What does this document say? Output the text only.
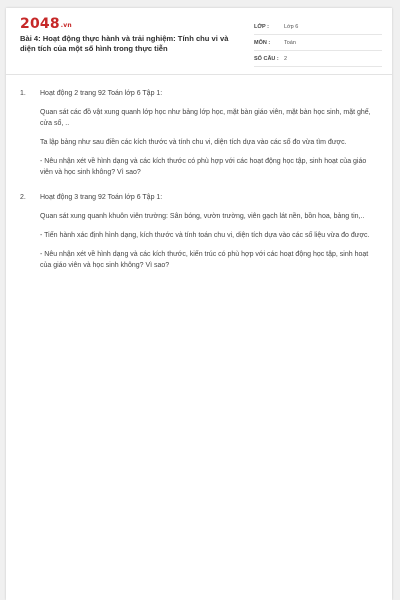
2048.vn
Bài 4: Hoạt động thực hành và trải nghiệm: Tính chu vi và diện tích của một số hình trong thực tiễn
LỚP :	Lớp 6
MÔN :	Toán
SỐ CÂU : 2
1. Hoạt động 2 trang 92 Toán lớp 6 Tập 1:
Quan sát các đồ vật xung quanh lớp học như bảng lớp học, mặt bàn giáo viên, mặt bàn học sinh, mặt ghế, cửa sổ, ..
Ta lập bảng như sau điền các kích thước và tính chu vi, diện tích dựa vào các số đo vừa tìm được.
- Nêu nhận xét về hình dạng và các kích thước có phù hợp với các hoạt động học tập, sinh hoạt của giáo viên và học sinh không? Vì sao?
2. Hoạt động 3 trang 92 Toán lớp 6 Tập 1:
Quan sát xung quanh khuôn viên trường: Sân bóng, vườn trường, viên gạch lát nền, bồn hoa, bảng tin,..
- Tiến hành xác định hình dạng, kích thước và tính toán chu vi, diện tích dựa vào các số liệu vừa đo được.
- Nêu nhận xét về hình dạng và các kích thước, kiến trúc có phù hợp với các hoạt động học tập, sinh hoạt của giáo viên và học sinh không? Vì sao?
